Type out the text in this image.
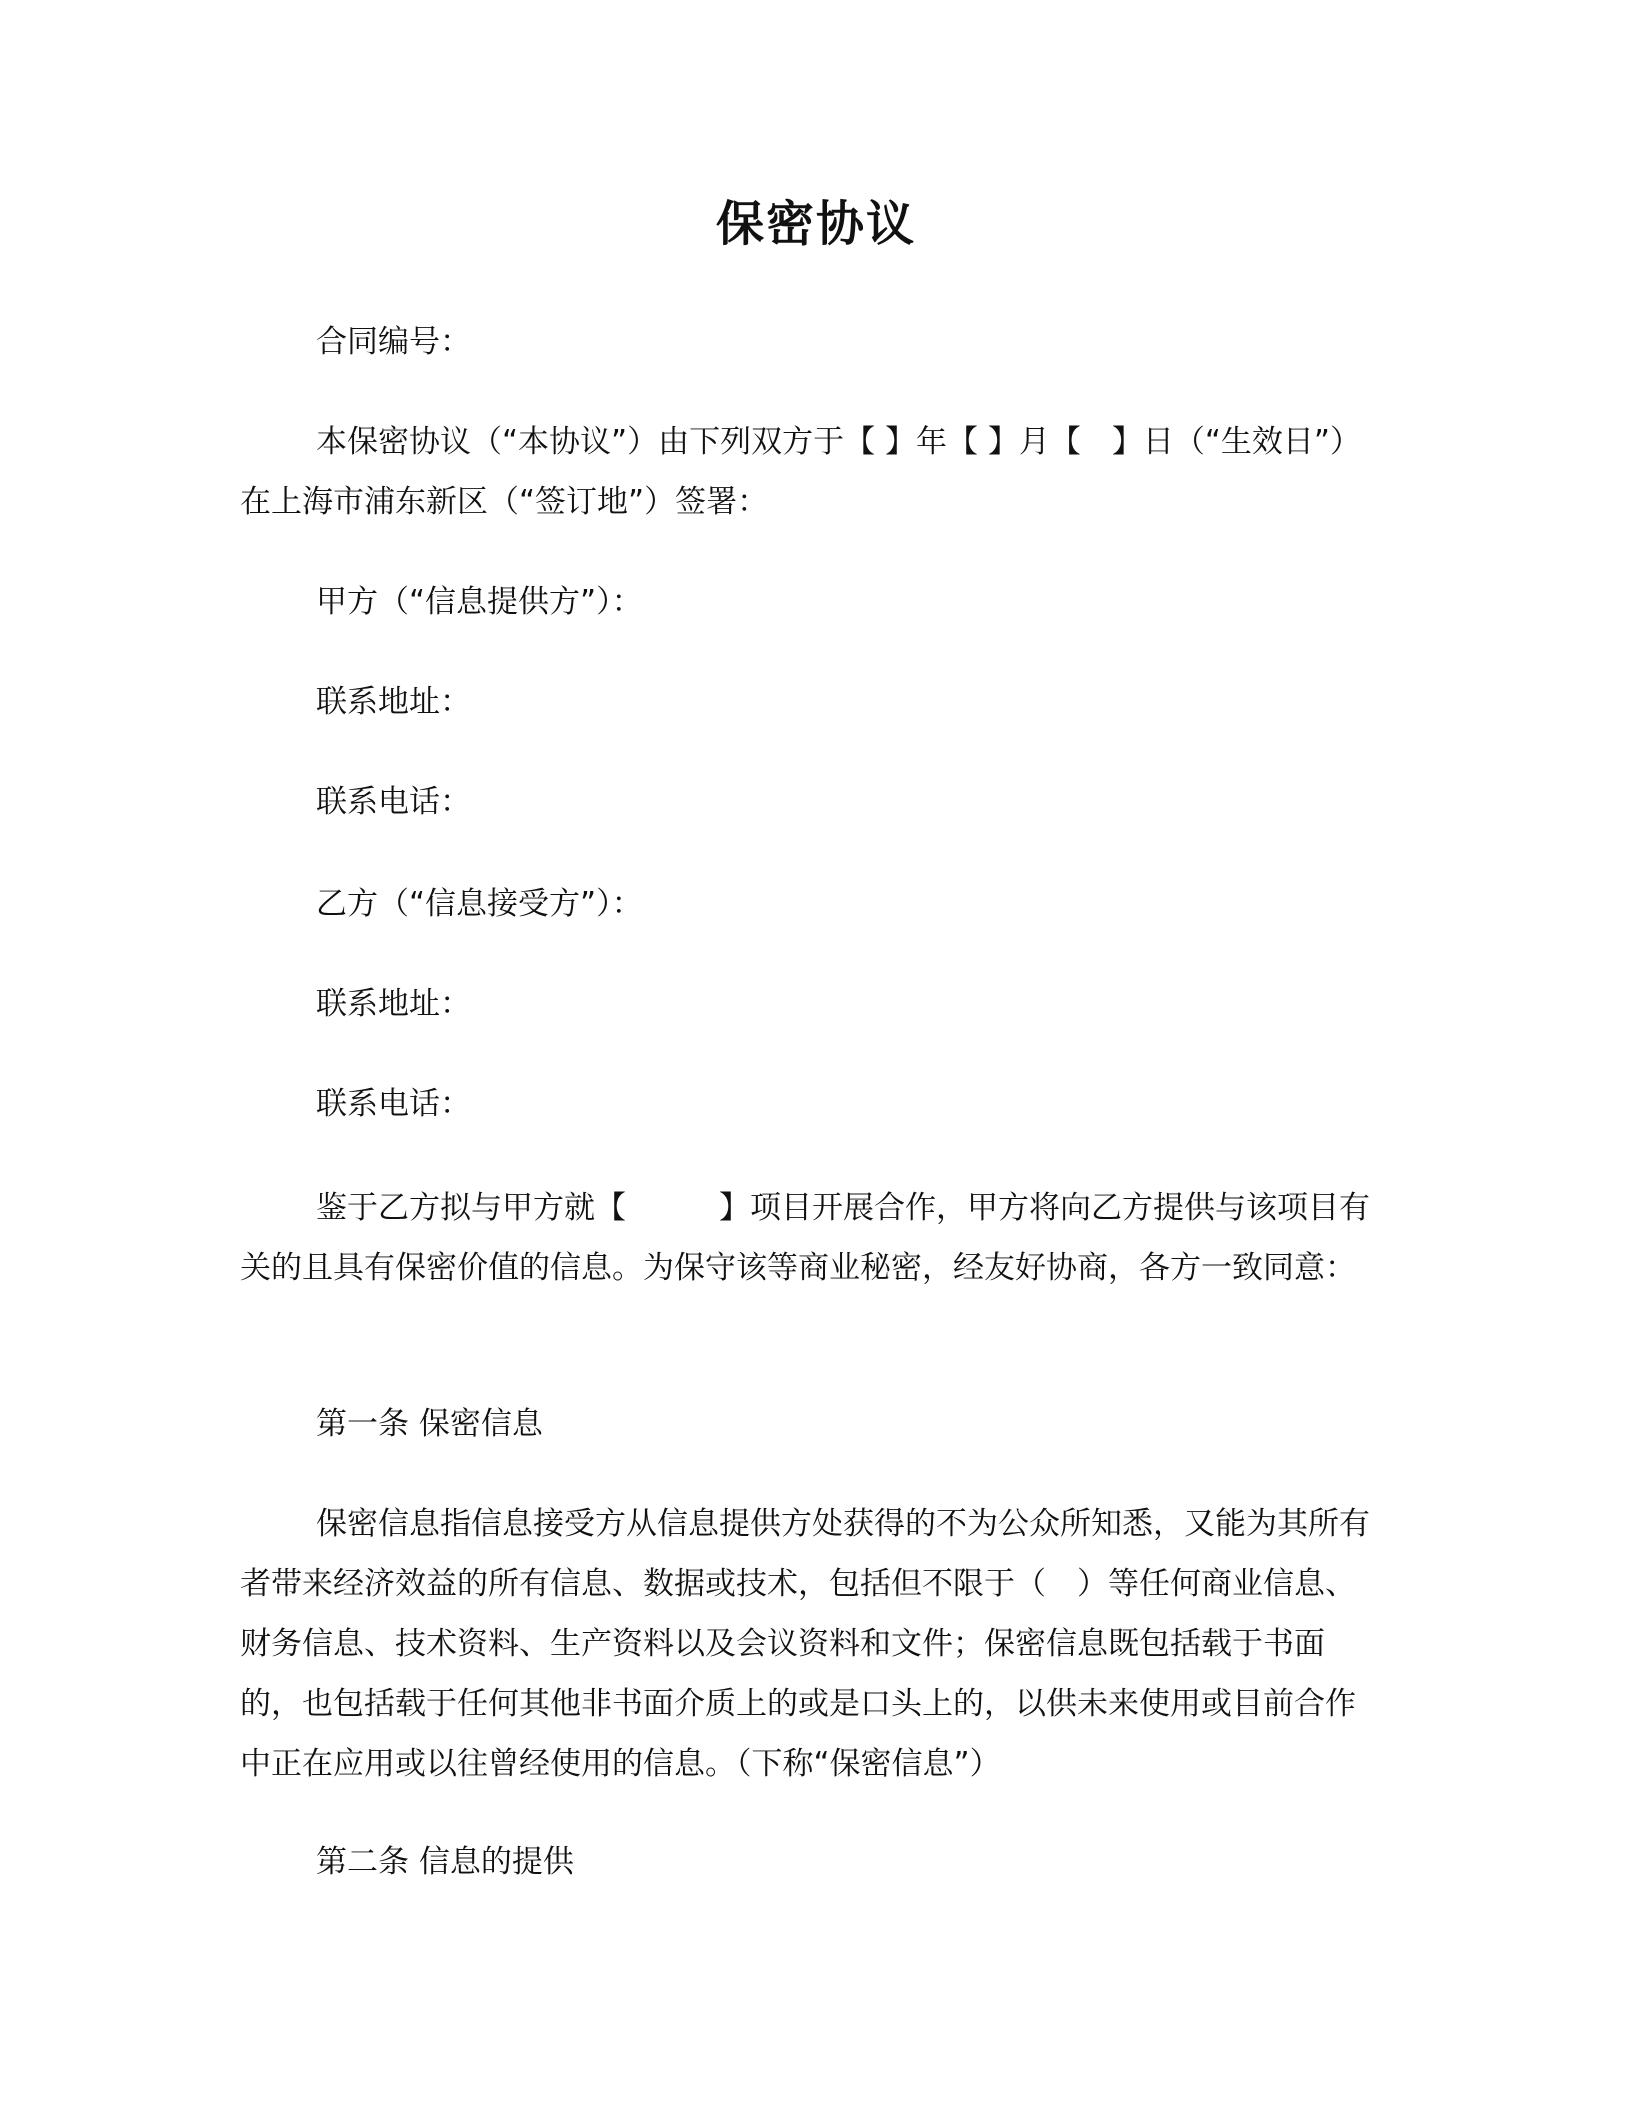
保密协议
合同编号：
本保密协议（“本协议”）由下列双方于【 】年【 】月【　】日（“生效日”）在上海市浦东新区（“签订地”）签署：
甲方（“信息提供方”）：
联系地址：
联系电话：
乙方（“信息接受方”）：
联系地址：
联系电话：
鉴于乙方拟与甲方就【　　　】项目开展合作，甲方将向乙方提供与该项目有关的且具有保密价值的信息。为保守该等商业秘密，经友好协商，各方一致同意：
第一条 保密信息
保密信息指信息接受方从信息提供方处获得的不为公众所知悉，又能为其所有者带来经济效益的所有信息、数据或技术，包括但不限于（　）等任何商业信息、财务信息、技术资料、生产资料以及会议资料和文件；保密信息既包括载于书面的，也包括载于任何其他非书面介质上的或是口头上的，以供未来使用或目前合作中正在应用或以往曾经使用的信息。（下称“保密信息”）
第二条 信息的提供
